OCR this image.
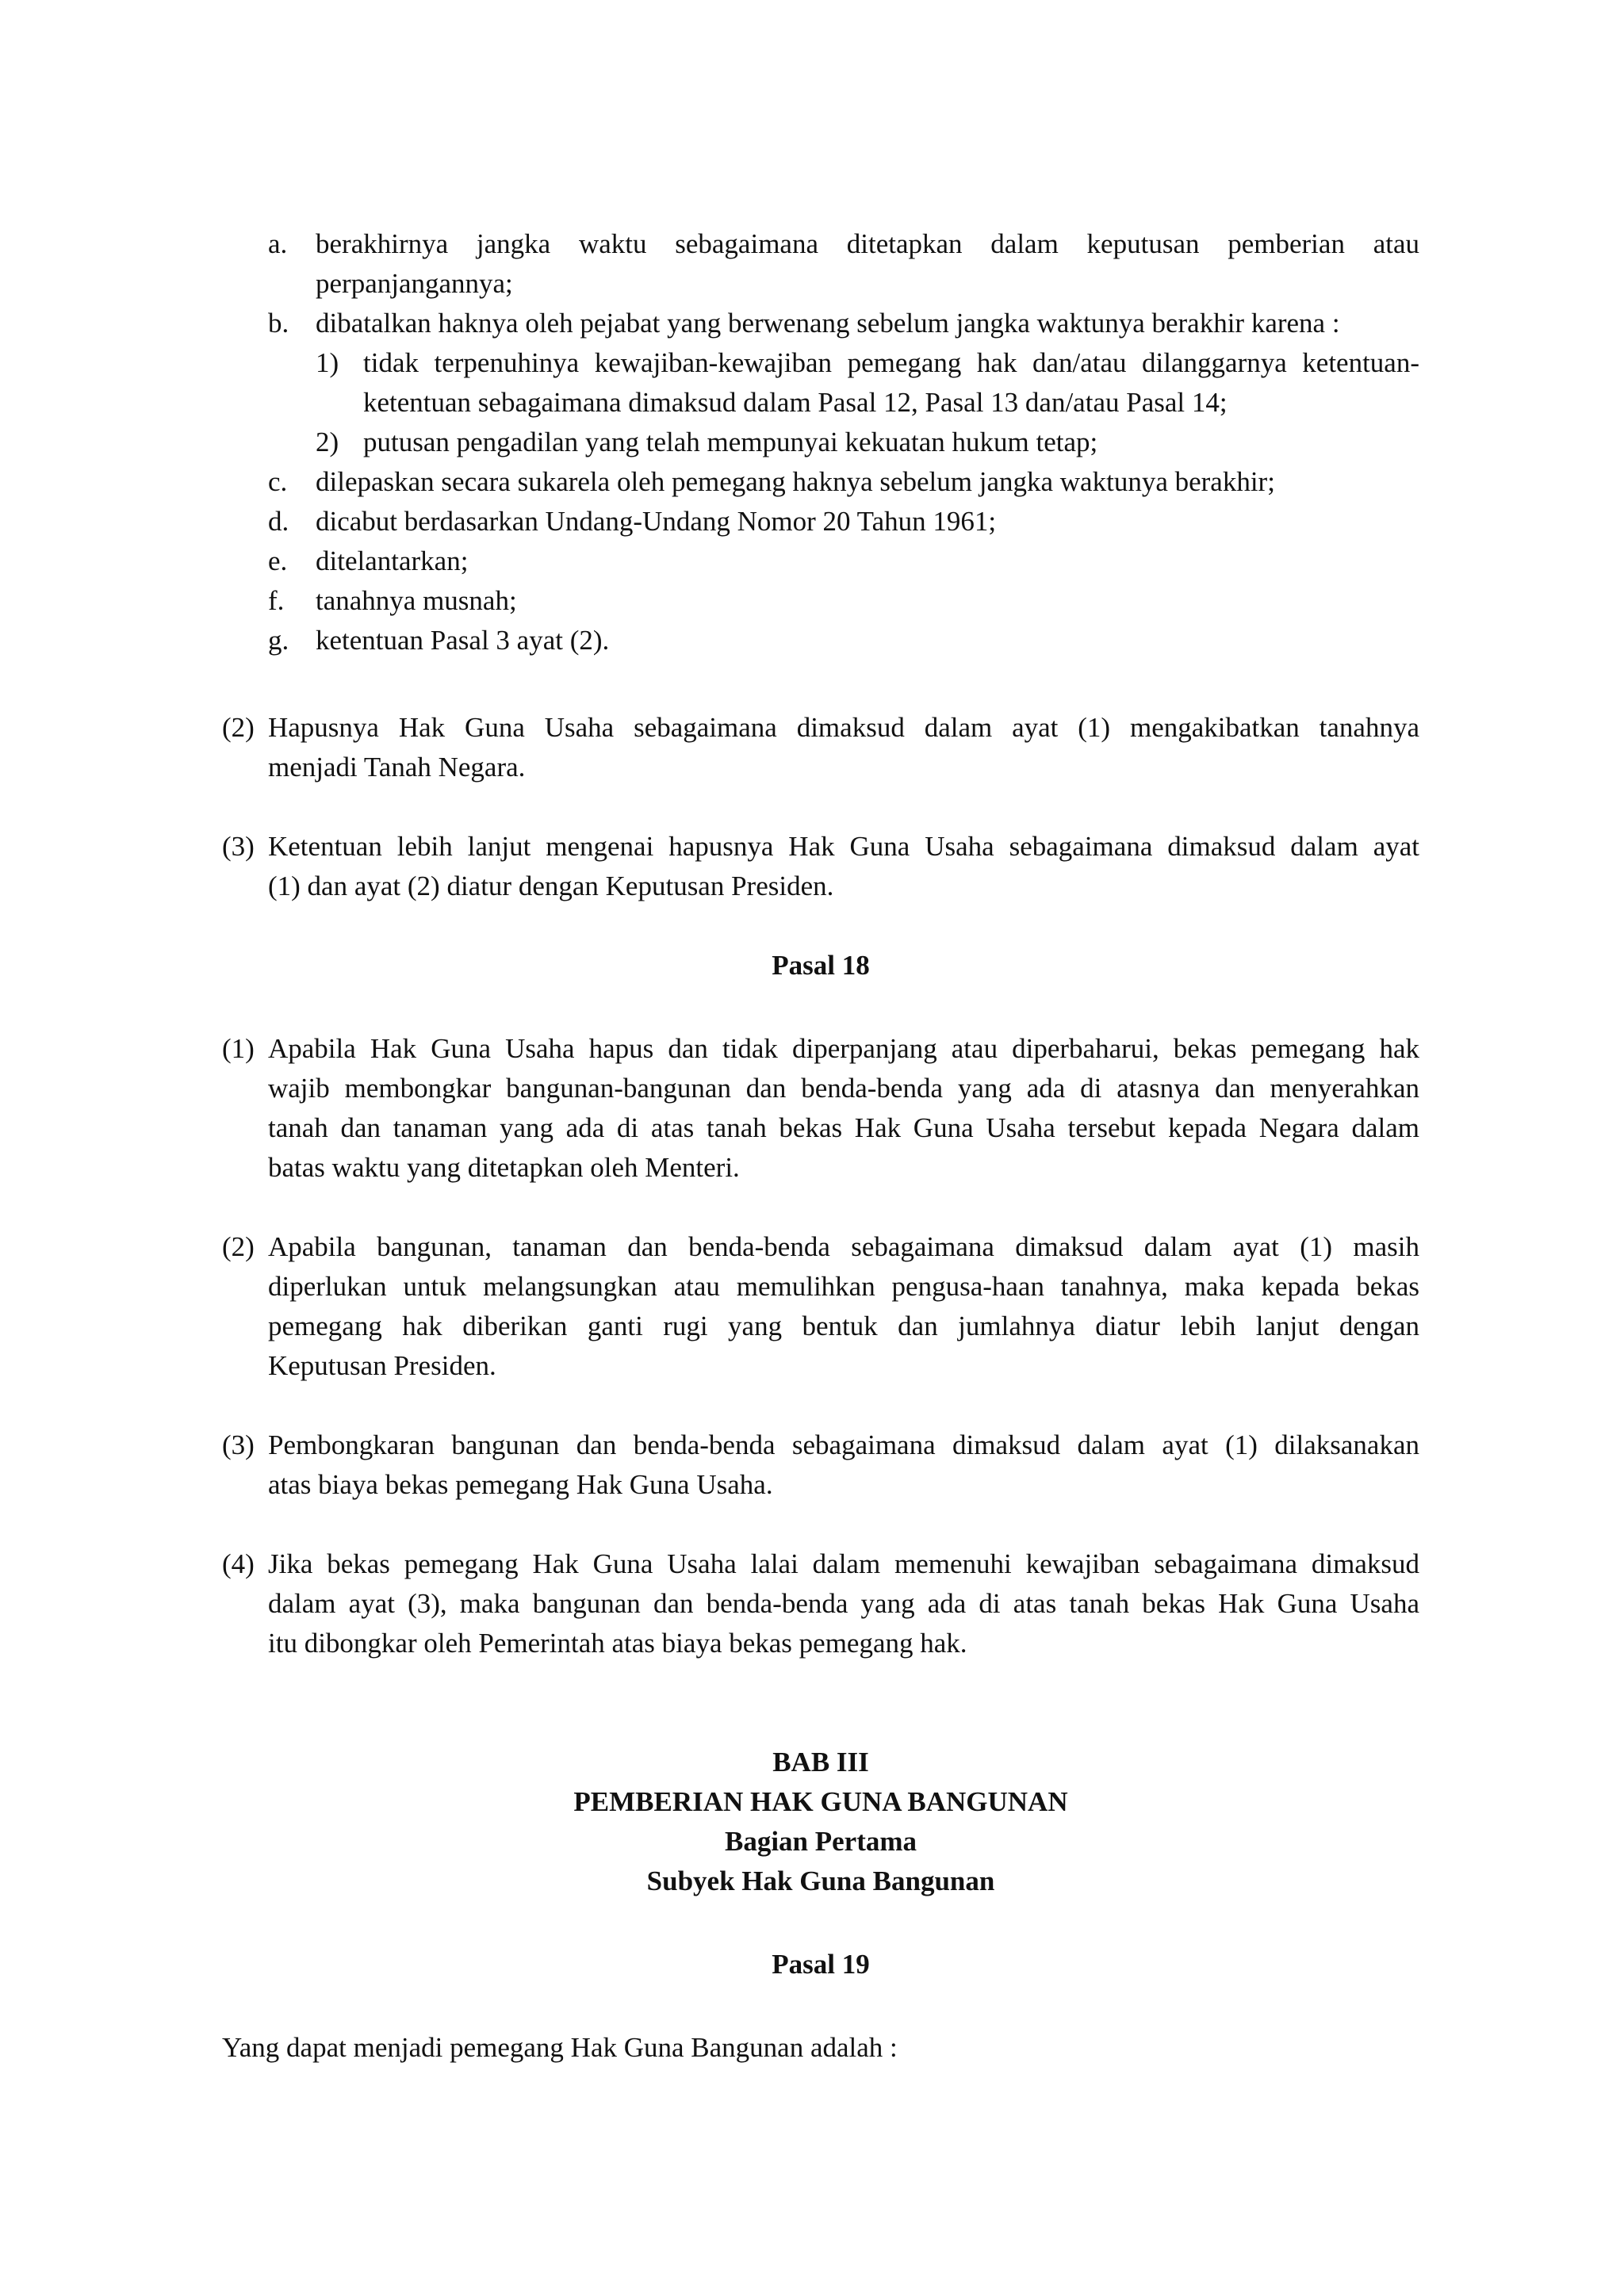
a. berakhirnya jangka waktu sebagaimana ditetapkan dalam keputusan pemberian atau
perpanjangannya;
b. dibatalkan haknya oleh pejabat yang berwenang sebelum jangka waktunya berakhir karena :
1) tidak terpenuhinya kewajiban-kewajiban pemegang hak dan/atau dilanggarnya ketentuan-
ketentuan sebagaimana dimaksud dalam Pasal 12, Pasal 13 dan/atau Pasal 14;
2) putusan pengadilan yang telah mempunyai kekuatan hukum tetap;
c. dilepaskan secara sukarela oleh pemegang haknya sebelum jangka waktunya berakhir;
d. dicabut berdasarkan Undang-Undang Nomor 20 Tahun 1961;
e. ditelantarkan;
f. tanahnya musnah;
g. ketentuan Pasal 3 ayat (2).
(2) Hapusnya Hak Guna Usaha sebagaimana dimaksud dalam ayat (1) mengakibatkan tanahnya
menjadi Tanah Negara.
(3) Ketentuan lebih lanjut mengenai hapusnya Hak Guna Usaha sebagaimana dimaksud dalam ayat
(1) dan ayat (2) diatur dengan Keputusan Presiden.
Pasal 18
(1) Apabila Hak Guna Usaha hapus dan tidak diperpanjang atau diperbaharui, bekas pemegang hak
wajib membongkar bangunan-bangunan dan benda-benda yang ada di atasnya dan menyerahkan
tanah dan tanaman yang ada di atas tanah bekas Hak Guna Usaha tersebut kepada Negara dalam
batas waktu yang ditetapkan oleh Menteri.
(2) Apabila bangunan, tanaman dan benda-benda sebagaimana dimaksud dalam ayat (1) masih
diperlukan untuk melangsungkan atau memulihkan pengusa-haan tanahnya, maka kepada bekas
pemegang hak diberikan ganti rugi yang bentuk dan jumlahnya diatur lebih lanjut dengan
Keputusan Presiden.
(3) Pembongkaran bangunan dan benda-benda sebagaimana dimaksud dalam ayat (1) dilaksanakan
atas biaya bekas pemegang Hak Guna Usaha.
(4) Jika bekas pemegang Hak Guna Usaha lalai dalam memenuhi kewajiban sebagaimana dimaksud
dalam ayat (3), maka bangunan dan benda-benda yang ada di atas tanah bekas Hak Guna Usaha
itu dibongkar oleh Pemerintah atas biaya bekas pemegang hak.
BAB III
PEMBERIAN HAK GUNA BANGUNAN
Bagian Pertama
Subyek Hak Guna Bangunan
Pasal 19
Yang dapat menjadi pemegang Hak Guna Bangunan adalah :
